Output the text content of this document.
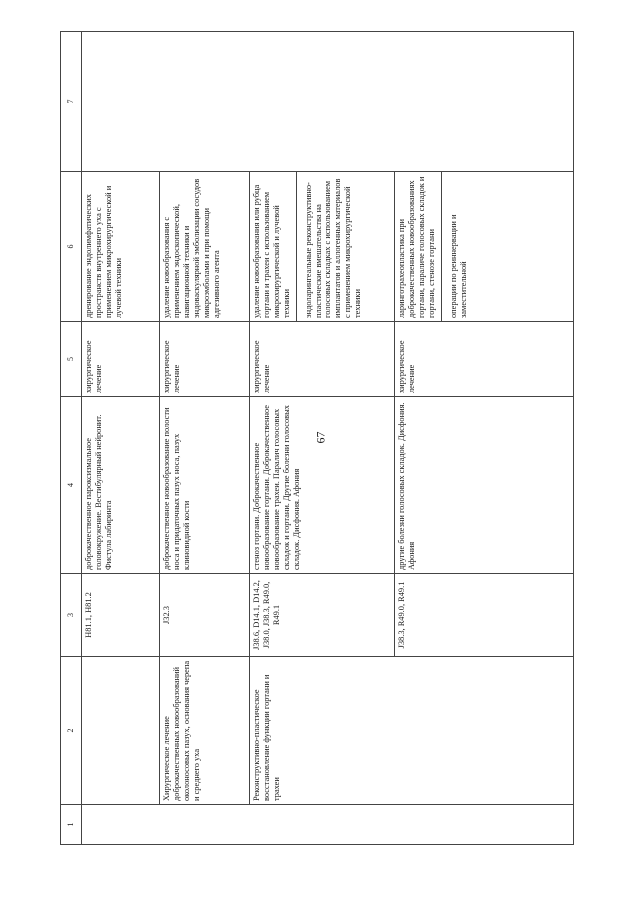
67
1	2	3	4	5	6	7
		H81.1, H81.2	доброкачественное пароксизмальное головокружение. Вестибулярный нейронит. Фистула лабиринта	хирургическое лечение	дренирование эндолимфатических пространств внутреннего уха с применением микрохирургической и лучевой техники	
	Хирургическое лечение доброкачественных новообразований околоносовых пазух, основания черепа и среднего уха	J32.3	доброкачественное новообразование полости носа и придаточных пазух носа, пазух клиновидной кости	хирургическое лечение	удаление новообразования с применением эндоскопической, навигационной техники и эндоваскулярной эмболизации сосудов микроэмболами и при помощи адгезивного агента	
	Реконструктивно-пластическое восстановление функции гортани и трахеи	J38.6, D14.1, D14.2, J38.0, J38.3, R49.0, R49.1	стеноз гортани. Доброкачественное новообразование гортани. Доброкачественное новообразование трахеи. Паралич голосовых складок и гортани. Другие болезни голосовых складок. Дисфония. Афония	хирургическое лечение	удаление новообразования или рубца гортани и трахеи с использованием микрохирургической и лучевой техники эндоларингеальные реконструктивно-пластические вмешательства на голосовых складках с использованием имплантатов и аллогенных материалов с применением микрохирургической техники	
		J38.3, R49.0, R49.1	другие болезни голосовых складок. Дисфония. Афония	хирургическое лечение	ларинготрахеопластика при доброкачественных новообразованиях гортани, параличе голосовых складок и гортани, стенозе гортани операции по реиннервации и заместительной	
